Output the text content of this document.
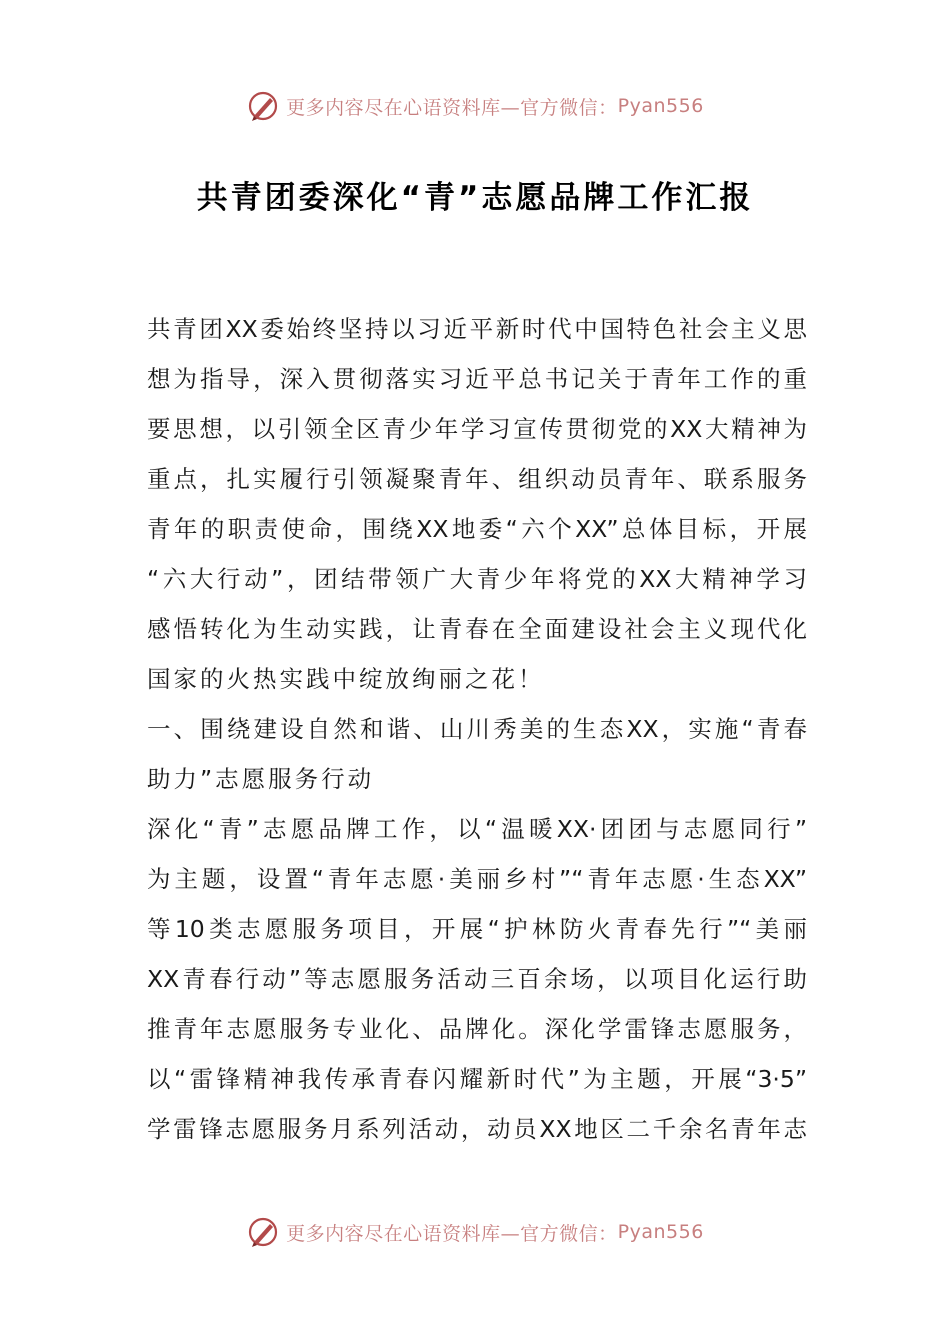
更多内容尽在心语资料库—官方微信： Pyan556
共青团委深化“青”志愿品牌工作汇报
共青团XX委始终坚持以习近平新时代中国特色社会主义思
想为指导，深入贯彻落实习近平总书记关于青年工作的重
要思想，以引领全区青少年学习宣传贯彻党的XX大精神为
重点，扎实履行引领凝聚青年、组织动员青年、联系服务
青年的职责使命，围绕XX地委“六个XX”总体目标，开展
“六大行动”，团结带领广大青少年将党的XX大精神学习
感悟转化为生动实践，让青春在全面建设社会主义现代化
国家的火热实践中绽放绚丽之花！
一、围绕建设自然和谐、山川秀美的生态XX，实施“青春
助力”志愿服务行动
深化“青”志愿品牌工作，以“温暖XX·团团与志愿同行”
为主题，设置“青年志愿·美丽乡村”“青年志愿·生态XX”
等10类志愿服务项目，开展“护林防火青春先行”“美丽
XX青春行动”等志愿服务活动三百余场，以项目化运行助
推青年志愿服务专业化、品牌化。深化学雷锋志愿服务，
以“雷锋精神我传承青春闪耀新时代”为主题，开展“3·5”
学雷锋志愿服务月系列活动，动员XX地区二千余名青年志
更多内容尽在心语资料库—官方微信： Pyan556
